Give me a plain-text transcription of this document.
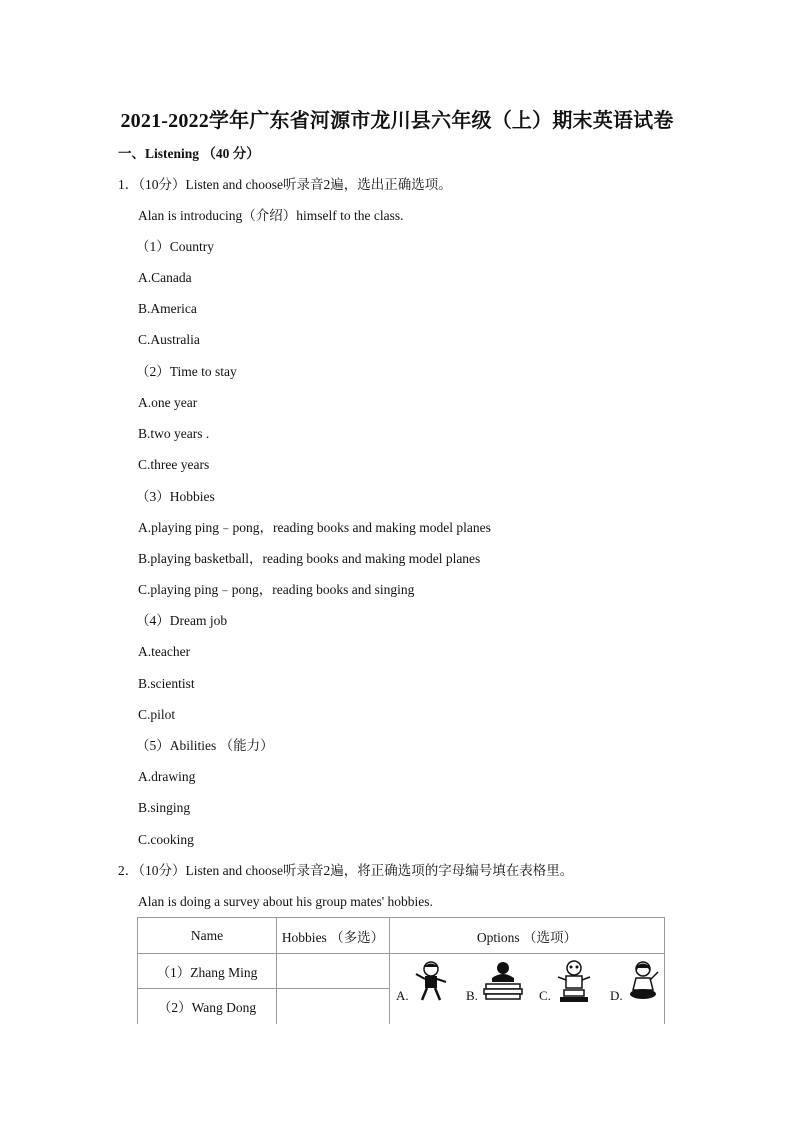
2021-2022学年广东省河源市龙川县六年级（上）期末英语试卷
一、Listening （40 分）
1．（10分）Listen and choose听录音2遍，选出正确选项。
Alan is introducing（介绍）himself to the class.
（1）Country
A.Canada
B.America
C.Australia
（2）Time to stay
A.one year
B.two years .
C.three years
（3）Hobbies
A.playing ping﹣pong，reading books and making model planes
B.playing basketball，reading books and making model planes
C.playing ping﹣pong，reading books and singing
（4）Dream job
A.teacher
B.scientist
C.pilot
（5）Abilities （能力）
A.drawing
B.singing
C.cooking
2．（10分）Listen and choose听录音2遍，将正确选项的字母编号填在表格里。
Alan is doing a survey about his group mates' hobbies.
Name	Hobbies （多选）	Options （选项）
（1）Zhang Ming		A. B. C. D.

（2）Wang Dong		
